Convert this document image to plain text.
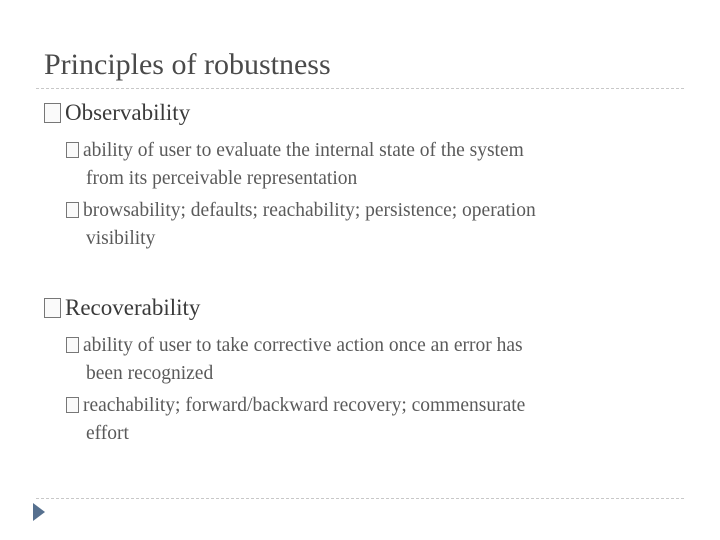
Principles of robustness
Observability
ability of user to evaluate the internal state of the system
from its perceivable representation
browsability; defaults; reachability; persistence; operation
visibility
Recoverability
ability of user to take corrective action once an error has
been recognized
reachability; forward/backward recovery; commensurate
effort
